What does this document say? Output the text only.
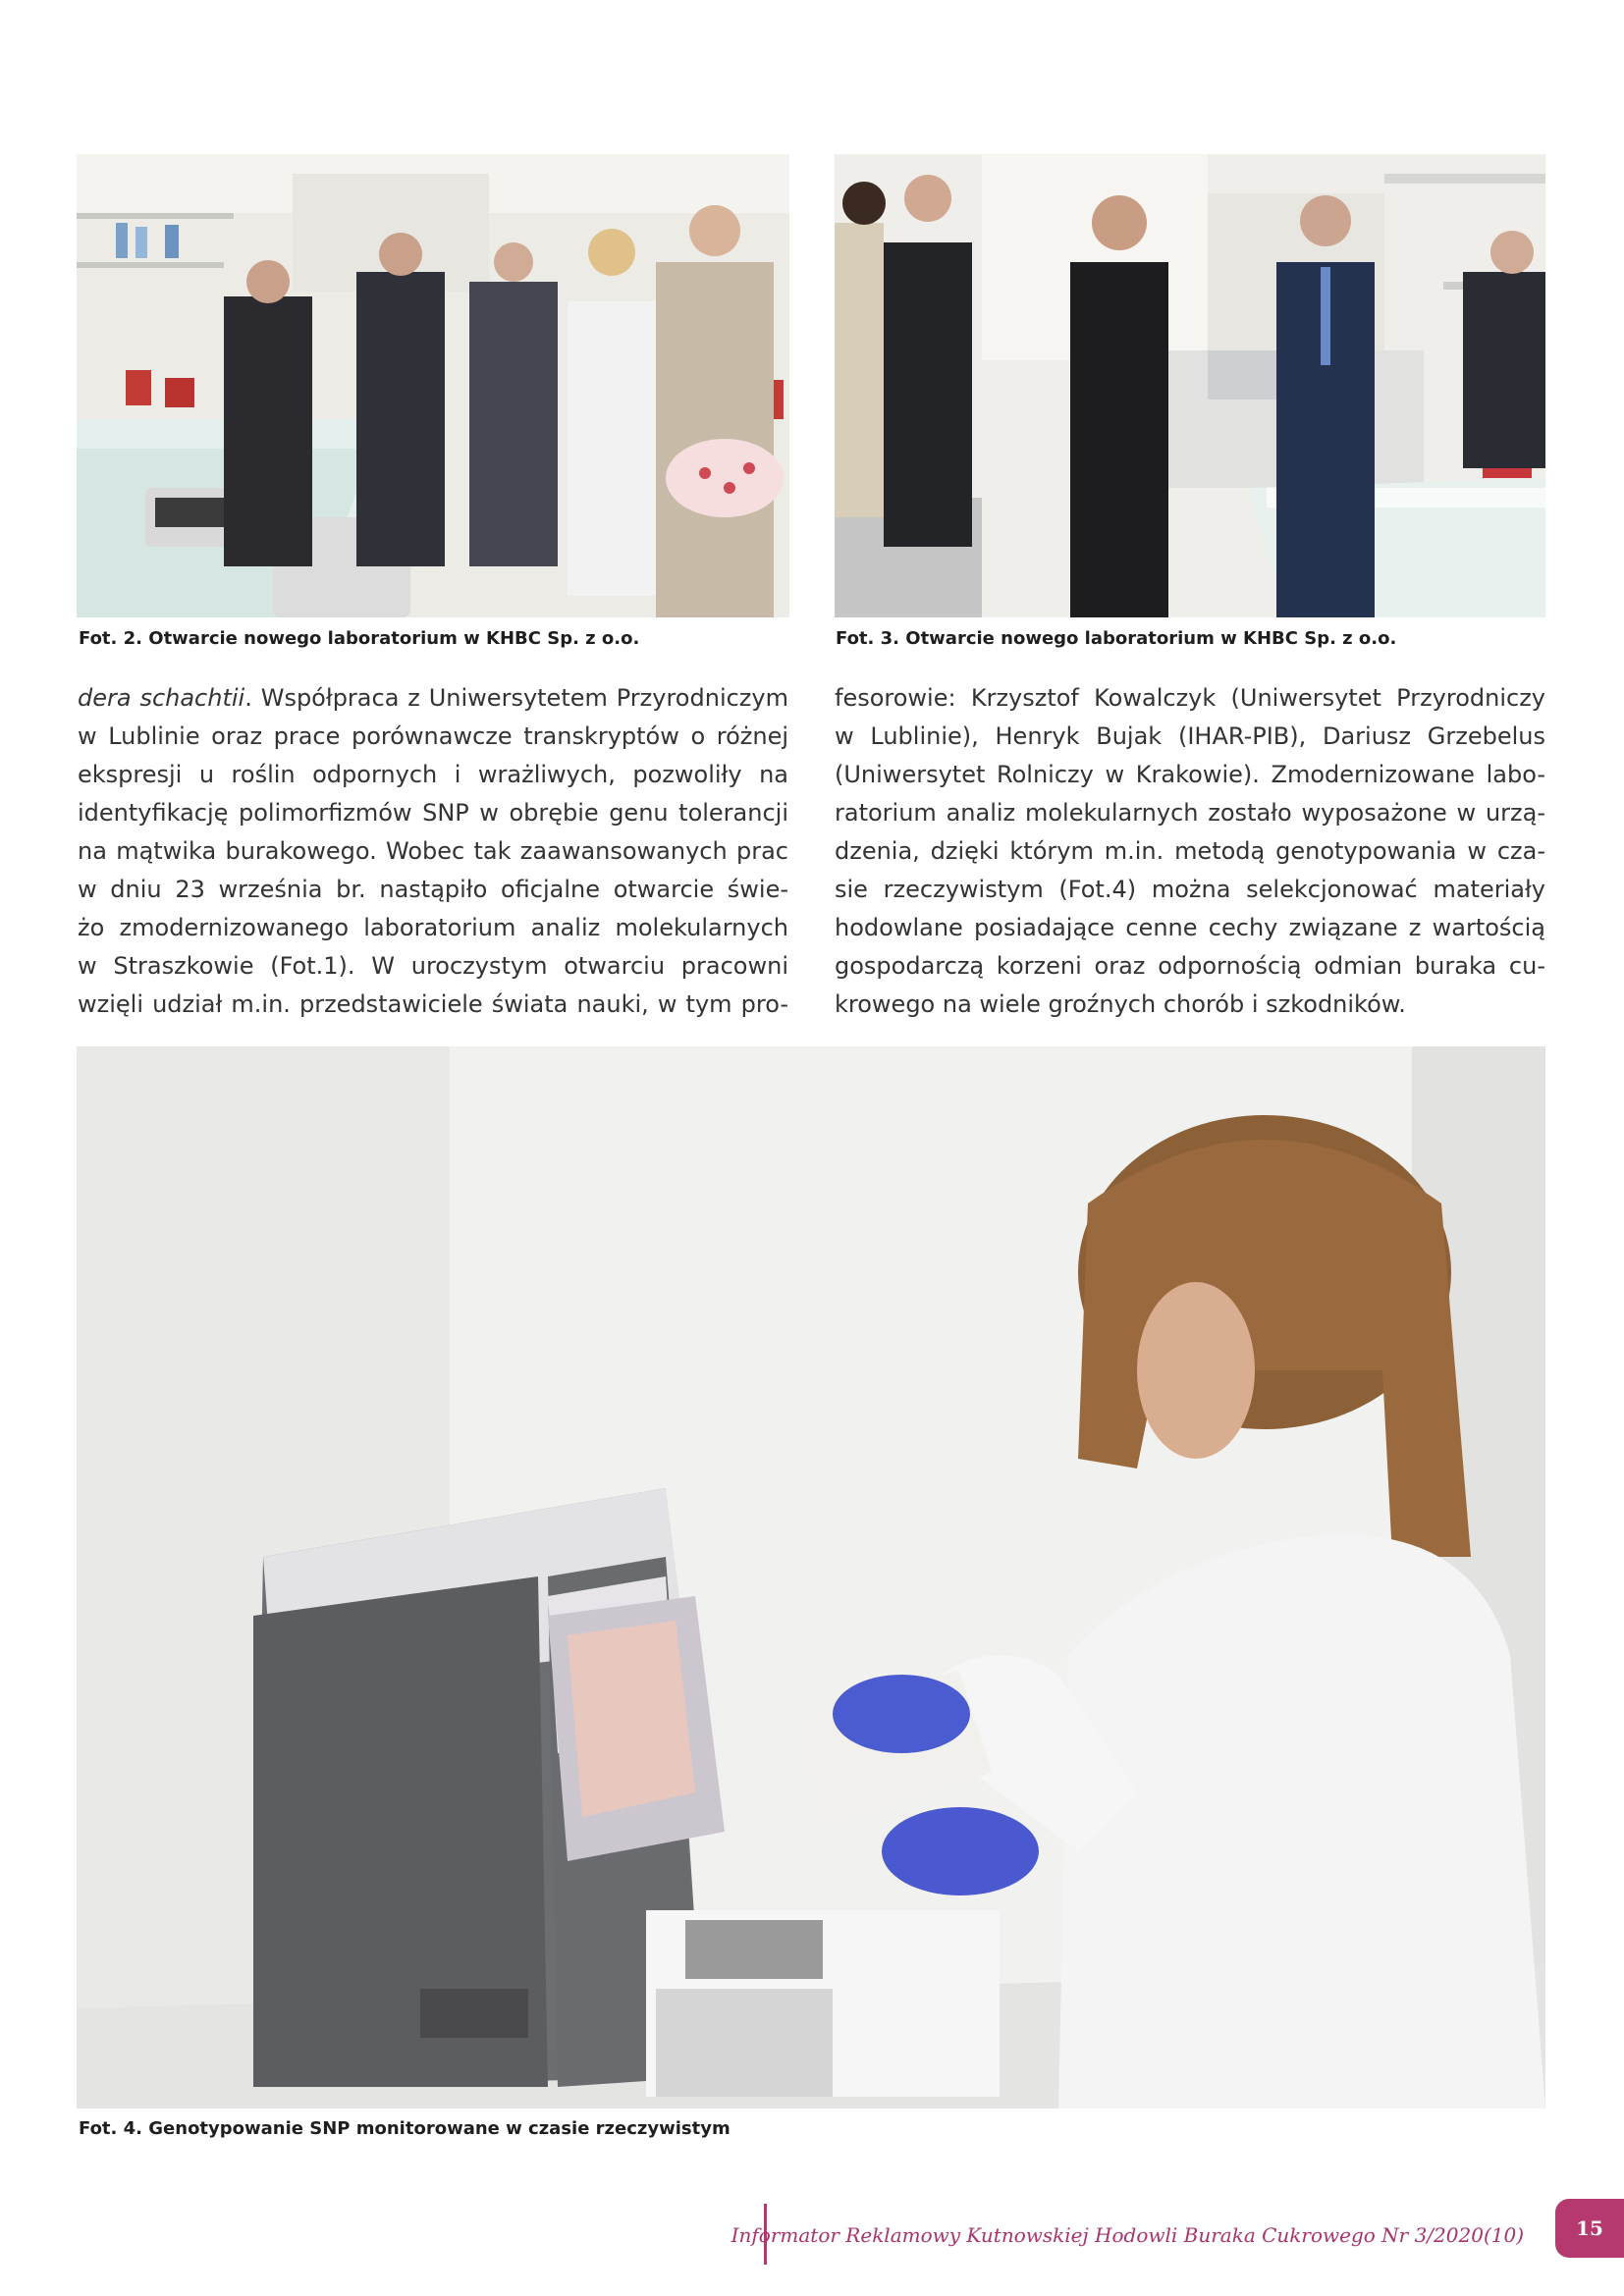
Fot. 2. Otwarcie nowego laboratorium w KHBC Sp. z o.o.	Fot. 3. Otwarcie nowego laboratorium w KHBC Sp. z o.o.
dera schachtii. Współpraca z Uniwersytetem Przyrodniczym
w Lublinie oraz prace porównawcze transkryptów o różnej
ekspresji u roślin odpornych i wrażliwych, pozwoliły na
identyfikację polimorfizmów SNP w obrębie genu tolerancji
na mątwika burakowego. Wobec tak zaawansowanych prac
w dniu 23 września br. nastąpiło oficjalne otwarcie świe-
żo zmodernizowanego laboratorium analiz molekularnych
w Straszkowie (Fot.1). W uroczystym otwarciu pracowni
wzięli udział m.in. przedstawiciele świata nauki, w tym pro-
fesorowie: Krzysztof Kowalczyk (Uniwersytet Przyrodniczy
w Lublinie), Henryk Bujak (IHAR-PIB), Dariusz Grzebelus
(Uniwersytet Rolniczy w Krakowie). Zmodernizowane labo-
ratorium analiz molekularnych zostało wyposażone w urzą-
dzenia, dzięki którym m.in. metodą genotypowania w cza-
sie rzeczywistym (Fot.4) można selekcjonować materiały
hodowlane posiadające cenne cechy związane z wartością
gospodarczą korzeni oraz odpornością odmian buraka cu-
krowego na wiele groźnych chorób i szkodników.
Fot. 4. Genotypowanie SNP monitorowane w czasie rzeczywistym
Informator Reklamowy Kutnowskiej Hodowli Buraka Cukrowego Nr 3/2020(10)	15
